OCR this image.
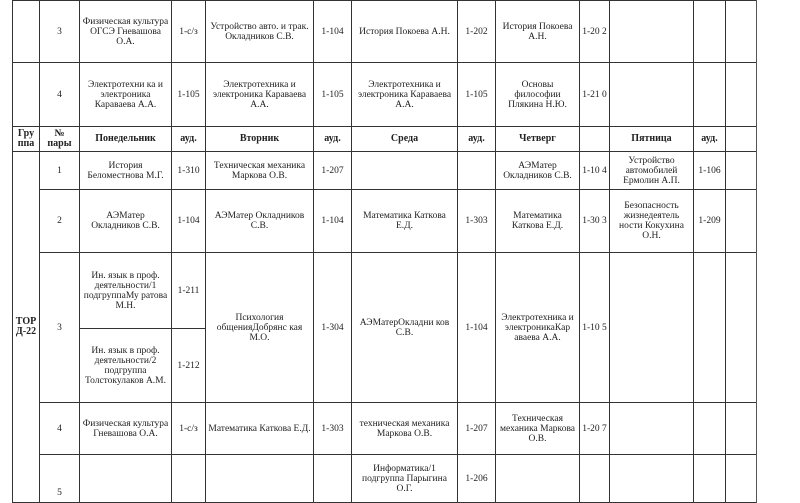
	3	Физическая культура ОГСЭ Гневашова О.А.	1-с/з	Устройство авто. и трак. Окладников С.В.	1-104	История Покоева А.Н.	1-202	История Покоева А.Н.	1-20 2			
	4	Электротехни ка и электроника Караваева А.А.	1-105	Электротехника и электроника Караваева А.А.	1-105	Электротехника и электроника Караваева А.А.	1-105	Основы философии Плякина Н.Ю.	1-21 0			
Гру ппа	№ пары	Понедельник	ауд.	Вторник	ауд.	Среда	ауд.	Четверг		Пятница	ауд.	
ТОР Д-22	1	История Беломестнова М.Г.	1-310	Техническая механика Маркова О.В.	1-207			АЭМатер Окладников С.В.	1-10 4	Устройство автомобилей Ермолин А.П.	1-106	
	2	АЭМатер Окладников С.В.	1-104	АЭМатер Окладников С.В.	1-104	Математика Каткова Е.Д.	1-303	Математика Каткова Е.Д.	1-30 3	Безопасность жизнедеятель ности Кокухина О.Н.	1-209	
	3	Ин. язык в проф. деятельности/1 подгруппаМу ратова М.Н.	1-211	Психология общенияДобрянс кая М.О.	1-304	АЭМатерОкладни ков С.В.	1-104	Электротехника и электроникаКар аваева А.А.	1-10 5			
		Ин. язык в проф. деятельности/2 подгруппа Толстокулаков А.М.	1-212									
	4	Физическая культура Гневашова О.А.	1-с/з	Математика Каткова Е.Д.	1-303	техническая механика Маркова О.В.	1-207	Техническая механика Маркова О.В.	1-20 7			
	5					Информатика/1 подгруппа Парыгина О.Г.	1-206					
